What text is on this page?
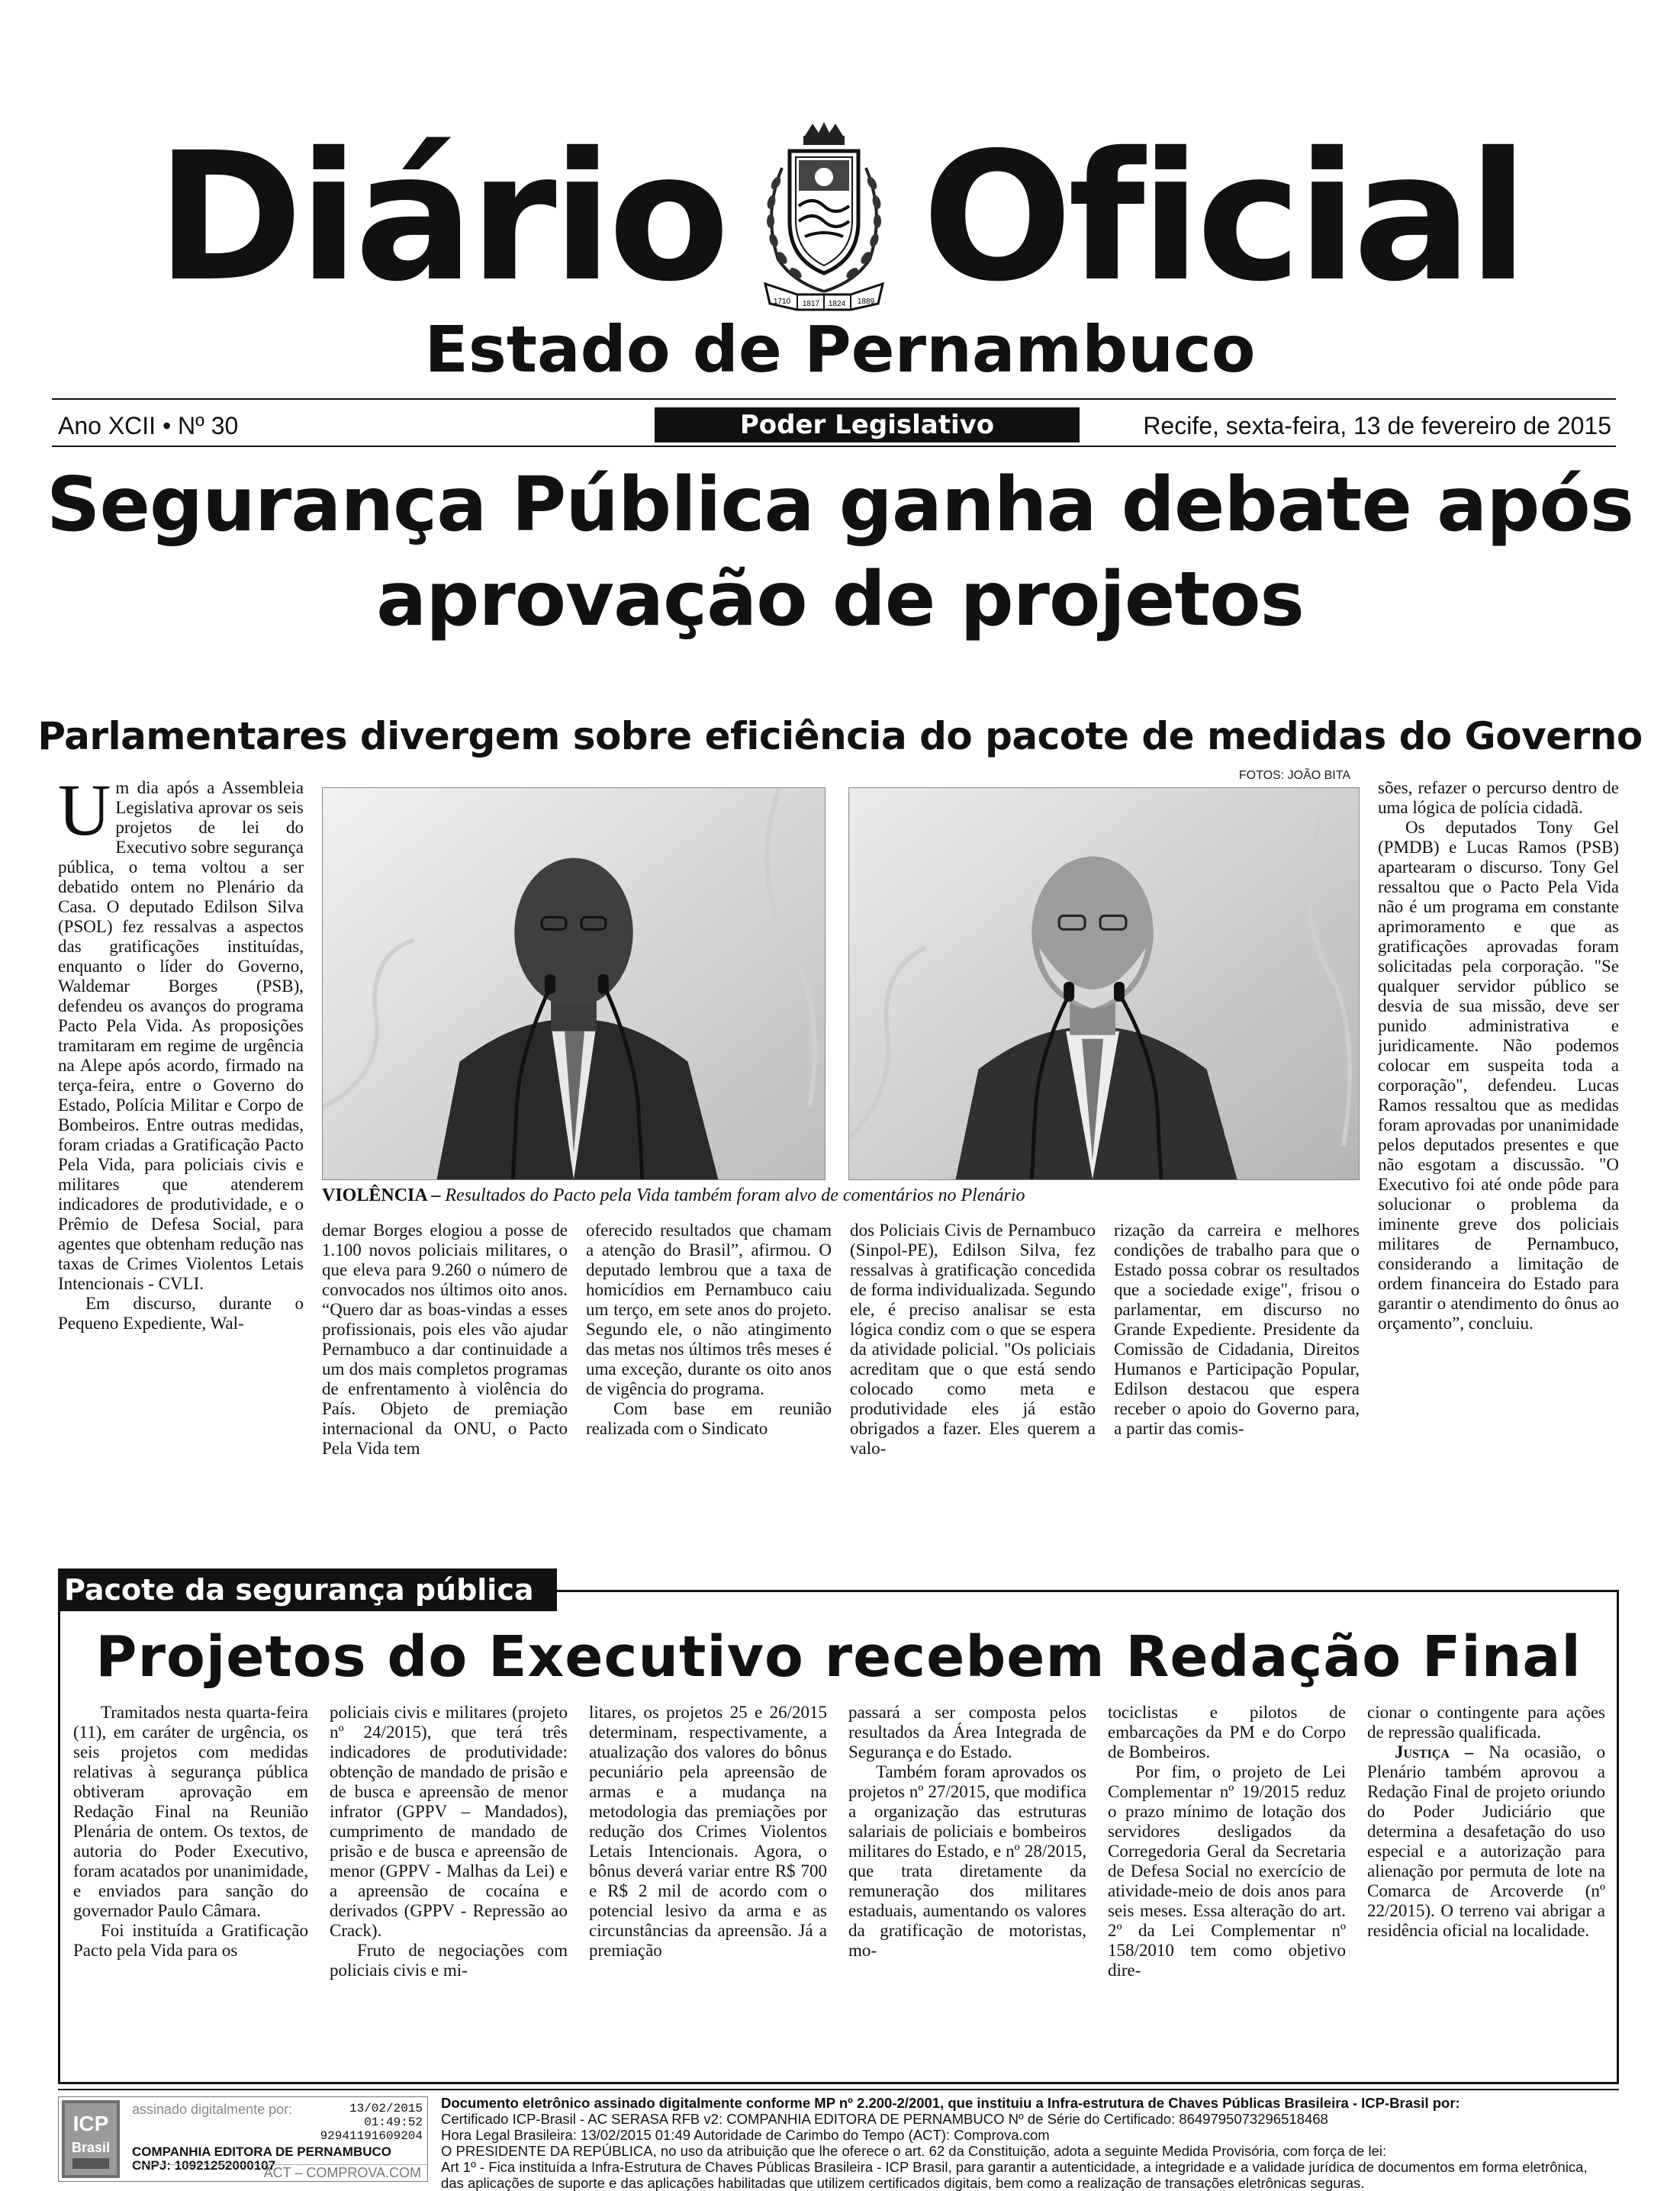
Diário	1710 1817 1824 1889 Oficial
Estado de Pernambuco
Ano XCII • Nº 30	Poder Legislativo	Recife, sexta-feira, 13 de fevereiro de 2015
Segurança Pública ganha debate após aprovação de projetos
Parlamentares divergem sobre eficiência do pacote de medidas do Governo
U m dia após a Assembleia Legislativa aprovar os seis projetos de lei do Executivo sobre segurança pública, o tema voltou a ser debatido ontem no Plenário da Casa. O deputado Edilson Silva (PSOL) fez ressalvas a aspectos das gratificações instituídas, enquanto o líder do Governo, Waldemar Borges (PSB), defendeu os avanços do programa Pacto Pela Vida. As proposições tramitaram em regime de urgência na Alepe após acordo, firmado na terça-feira, entre o Governo do Estado, Polícia Militar e Corpo de Bombeiros. Entre outras medidas, foram criadas a Gratificação Pacto Pela Vida, para policiais civis e militares que atenderem indicadores de produtividade, e o Prêmio de Defesa Social, para agentes que obtenham redução nas taxas de Crimes Violentos Letais Intencionais - CVLI.

Em discurso, durante o Pequeno Expediente, Wal-

FOTOS: JOÃO BITA
VIOLÊNCIA – Resultados do Pacto pela Vida também foram alvo de comentários no Plenário

demar Borges elogiou a posse de 1.100 novos policiais militares, o que eleva para 9.260 o número de convocados nos últimos oito anos. “Quero dar as boas-vindas a esses profissionais, pois eles vão ajudar Pernambuco a dar continuidade a um dos mais completos programas de enfrentamento à violência do País. Objeto de premiação internacional da ONU, o Pacto Pela Vida tem

oferecido resultados que chamam a atenção do Brasil”, afirmou. O deputado lembrou que a taxa de homicídios em Pernambuco caiu um terço, em sete anos do projeto. Segundo ele, o não atingimento das metas nos últimos três meses é uma exceção, durante os oito anos de vigência do programa.

Com base em reunião realizada com o Sindicato

dos Policiais Civis de Pernambuco (Sinpol-PE), Edilson Silva, fez ressalvas à gratificação concedida de forma individualizada. Segundo ele, é preciso analisar se esta lógica condiz com o que se espera da atividade policial. "Os policiais acreditam que o que está sendo colocado como meta e produtividade eles já estão obrigados a fazer. Eles querem a valo-

rização da carreira e melhores condições de trabalho para que o Estado possa cobrar os resultados que a sociedade exige", frisou o parlamentar, em discurso no Grande Expediente. Presidente da Comissão de Cidadania, Direitos Humanos e Participação Popular, Edilson destacou que espera receber o apoio do Governo para, a partir das comis-

sões, refazer o percurso dentro de uma lógica de polícia cidadã.

Os deputados Tony Gel (PMDB) e Lucas Ramos (PSB) apartearam o discurso. Tony Gel ressaltou que o Pacto Pela Vida não é um programa em constante aprimoramento e que as gratificações aprovadas foram solicitadas pela corporação. "Se qualquer servidor público se desvia de sua missão, deve ser punido administrativa e juridicamente. Não podemos colocar em suspeita toda a corporação", defendeu. Lucas Ramos ressaltou que as medidas foram aprovadas por unanimidade pelos deputados presentes e que não esgotam a discussão. "O Executivo foi até onde pôde para solucionar o problema da iminente greve dos policiais militares de Pernambuco, considerando a limitação de ordem financeira do Estado para garantir o atendimento do ônus ao orçamento”, concluiu.

Pacote da segurança pública
Projetos do Executivo recebem Redação Final

Tramitados nesta quarta-feira (11), em caráter de urgência, os seis projetos com medidas relativas à segurança pública obtiveram aprovação em Redação Final na Reunião Plenária de ontem. Os textos, de autoria do Poder Executivo, foram acatados por unanimidade, e enviados para sanção do governador Paulo Câmara.

Foi instituída a Gratificação Pacto pela Vida para os

policiais civis e militares (projeto nº 24/2015), que terá três indicadores de produtividade: obtenção de mandado de prisão e de busca e apreensão de menor infrator (GPPV – Mandados), cumprimento de mandado de prisão e de busca e apreensão de menor (GPPV - Malhas da Lei) e a apreensão de cocaína e derivados (GPPV - Repressão ao Crack).

Fruto de negociações com policiais civis e mi-

litares, os projetos 25 e 26/2015 determinam, respectivamente, a atualização dos valores do bônus pecuniário pela apreensão de armas e a mudança na metodologia das premiações por redução dos Crimes Violentos Letais Intencionais. Agora, o bônus deverá variar entre R$ 700 e R$ 2 mil de acordo com o potencial lesivo da arma e as circunstâncias da apreensão. Já a premiação

passará a ser composta pelos resultados da Área Integrada de Segurança e do Estado.

Também foram aprovados os projetos nº 27/2015, que modifica a organização das estruturas salariais de policiais e bombeiros militares do Estado, e nº 28/2015, que trata diretamente da remuneração dos militares estaduais, aumentando os valores da gratificação de motoristas, mo-

tociclistas e pilotos de embarcações da PM e do Corpo de Bombeiros.

Por fim, o projeto de Lei Complementar nº 19/2015 reduz o prazo mínimo de lotação dos servidores desligados da Corregedoria Geral da Secretaria de Defesa Social no exercício de atividade-meio de dois anos para seis meses. Essa alteração do art. 2º da Lei Complementar nº 158/2010 tem como objetivo dire-

cionar o contingente para ações de repressão qualificada.

Justiça – Na ocasião, o Plenário também aprovou a Redação Final de projeto oriundo do Poder Judiciário que determina a desafetação do uso especial e a autorização para alienação por permuta de lote na Comarca de Arcoverde (nº 22/2015). O terreno vai abrigar a residência oficial na localidade.

ICP
Brasil
assinado digitalmente por:	13/02/2015
01:49:52
92941191609204
COMPANHIA EDITORA DE PERNAMBUCO
CNPJ: 10921252000107
ACT – COMPROVA.COM
Documento eletrônico assinado digitalmente conforme MP nº 2.200-2/2001, que instituiu a Infra-estrutura de Chaves Públicas Brasileira - ICP-Brasil por:
Certificado ICP-Brasil - AC SERASA RFB v2: COMPANHIA EDITORA DE PERNAMBUCO Nº de Série do Certificado: 8649795073296518468
Hora Legal Brasileira: 13/02/2015 01:49 Autoridade de Carimbo do Tempo (ACT): Comprova.com
O PRESIDENTE DA REPÚBLICA, no uso da atribuição que lhe oferece o art. 62 da Constituição, adota a seguinte Medida Provisória, com força de lei:
Art 1º - Fica instituída a Infra-Estrutura de Chaves Públicas Brasileira - ICP Brasil, para garantir a autenticidade, a integridade e a validade jurídica de documentos em forma eletrônica,
das aplicações de suporte e das aplicações habilitadas que utilizem certificados digitais, bem como a realização de transações eletrônicas seguras.
